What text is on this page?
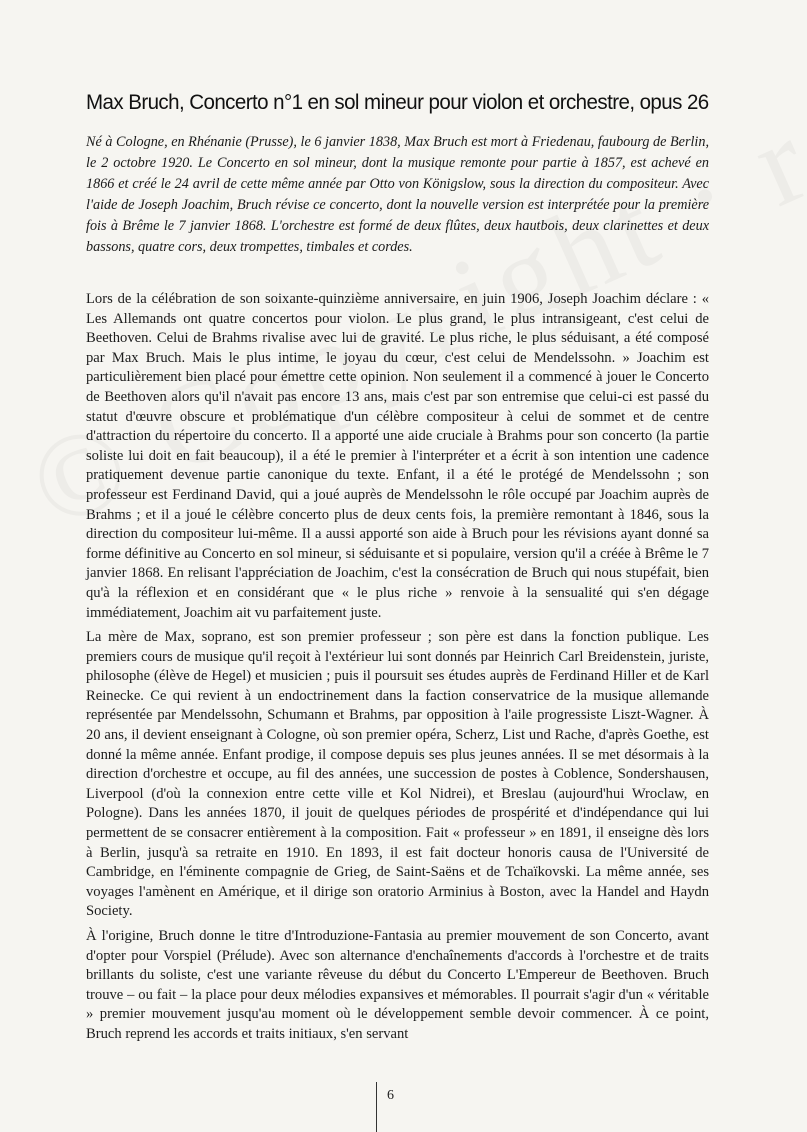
Max Bruch, Concerto n°1 en sol mineur pour violon et orchestre, opus 26

Né à Cologne, en Rhénanie (Prusse), le 6 janvier 1838, Max Bruch est mort à Friedenau, faubourg de Berlin, le 2 octobre 1920. Le Concerto en sol mineur, dont la musique remonte pour partie à 1857, est achevé en 1866 et créé le 24 avril de cette même année par Otto von Königslow, sous la direction du compositeur. Avec l'aide de Joseph Joachim, Bruch révise ce concerto, dont la nouvelle version est interprétée pour la première fois à Brême le 7 janvier 1868. L'orchestre est formé de deux flûtes, deux hautbois, deux clarinettes et deux bassons, quatre cors, deux trompettes, timbales et cordes.

Lors de la célébration de son soixante-quinzième anniversaire, en juin 1906, Joseph Joachim déclare : « Les Allemands ont quatre concertos pour violon. Le plus grand, le plus intransigeant, c'est celui de Beethoven. Celui de Brahms rivalise avec lui de gravité. Le plus riche, le plus séduisant, a été composé par Max Bruch. Mais le plus intime, le joyau du cœur, c'est celui de Mendelssohn. » Joachim est particulièrement bien placé pour émettre cette opinion. Non seulement il a commencé à jouer le Concerto de Beethoven alors qu'il n'avait pas encore 13 ans, mais c'est par son entremise que celui-ci est passé du statut d'œuvre obscure et problématique d'un célèbre compositeur à celui de sommet et de centre d'attraction du répertoire du concerto. Il a apporté une aide cruciale à Brahms pour son concerto (la partie soliste lui doit en fait beaucoup), il a été le premier à l'interpréter et a écrit à son intention une cadence pratiquement devenue partie canonique du texte. Enfant, il a été le protégé de Mendelssohn ; son professeur est Ferdinand David, qui a joué auprès de Mendelssohn le rôle occupé par Joachim auprès de Brahms ; et il a joué le célèbre concerto plus de deux cents fois, la première remontant à 1846, sous la direction du compositeur lui-même. Il a aussi apporté son aide à Bruch pour les révisions ayant donné sa forme définitive au Concerto en sol mineur, si séduisante et si populaire, version qu'il a créée à Brême le 7 janvier 1868. En relisant l'appréciation de Joachim, c'est la consécration de Bruch qui nous stupéfait, bien qu'à la réflexion et en considérant que « le plus riche » renvoie à la sensualité qui s'en dégage immédiatement, Joachim ait vu parfaitement juste.

La mère de Max, soprano, est son premier professeur ; son père est dans la fonction publique. Les premiers cours de musique qu'il reçoit à l'extérieur lui sont donnés par Heinrich Carl Breidenstein, juriste, philosophe (élève de Hegel) et musicien ; puis il poursuit ses études auprès de Ferdinand Hiller et de Karl Reinecke. Ce qui revient à un endoctrinement dans la faction conservatrice de la musique allemande représentée par Mendelssohn, Schumann et Brahms, par opposition à l'aile progressiste Liszt-Wagner. À 20 ans, il devient enseignant à Cologne, où son premier opéra, Scherz, List und Rache, d'après Goethe, est donné la même année. Enfant prodige, il compose depuis ses plus jeunes années. Il se met désormais à la direction d'orchestre et occupe, au fil des années, une succession de postes à Coblence, Sondershausen, Liverpool (d'où la connexion entre cette ville et Kol Nidrei), et Breslau (aujourd'hui Wroclaw, en Pologne). Dans les années 1870, il jouit de quelques périodes de prospérité et d'indépendance qui lui permettent de se consacrer entièrement à la composition. Fait « professeur » en 1891, il enseigne dès lors à Berlin, jusqu'à sa retraite en 1910. En 1893, il est fait docteur honoris causa de l'Université de Cambridge, en l'éminente compagnie de Grieg, de Saint-Saëns et de Tchaïkovski. La même année, ses voyages l'amènent en Amérique, et il dirige son oratorio Arminius à Boston, avec la Handel and Haydn Society.

À l'origine, Bruch donne le titre d'Introduzione-Fantasia au premier mouvement de son Concerto, avant d'opter pour Vorspiel (Prélude). Avec son alternance d'enchaînements d'accords à l'orchestre et de traits brillants du soliste, c'est une variante rêveuse du début du Concerto L'Empereur de Beethoven. Bruch trouve – ou fait – la place pour deux mélodies expansives et mémorables. Il pourrait s'agir d'un « véritable » premier mouvement jusqu'au moment où le développement semble devoir commencer. À ce point, Bruch reprend les accords et traits initiaux, s'en servant

6
